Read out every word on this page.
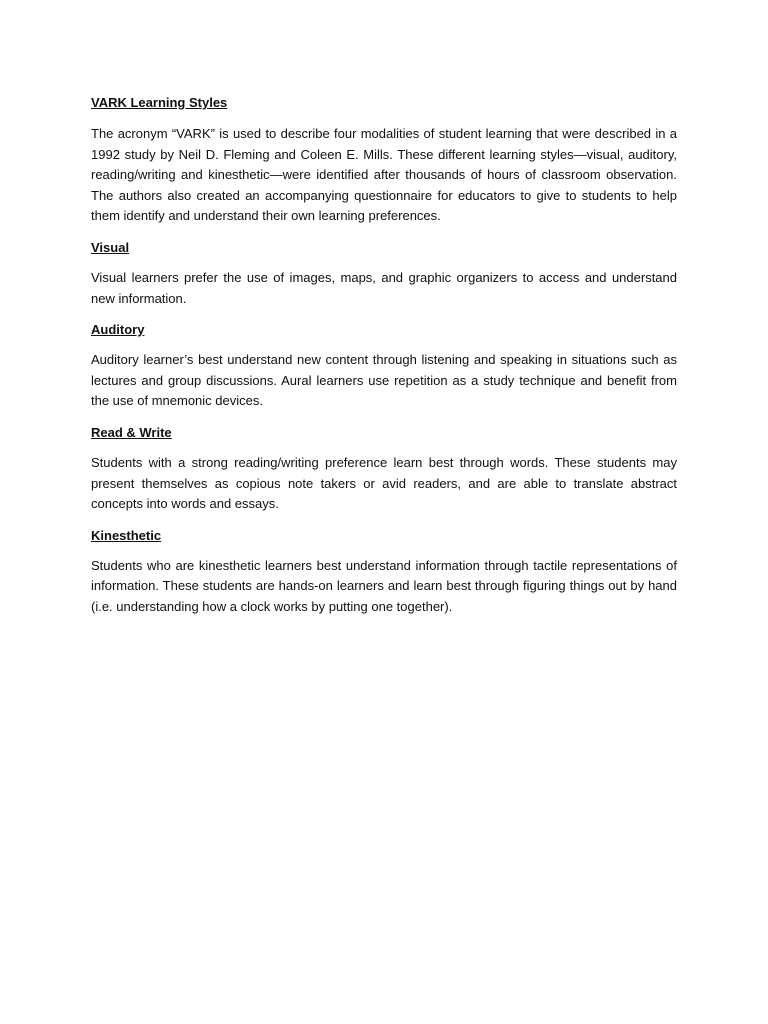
VARK Learning Styles

The acronym “VARK” is used to describe four modalities of student learning that were described in a 1992 study by Neil D. Fleming and Coleen E. Mills. These different learning styles—visual, auditory, reading/writing and kinesthetic—were identified after thousands of hours of classroom observation. The authors also created an accompanying questionnaire for educators to give to students to help them identify and understand their own learning preferences.

Visual

Visual learners prefer the use of images, maps, and graphic organizers to access and understand new information.

Auditory

Auditory learner’s best understand new content through listening and speaking in situations such as lectures and group discussions. Aural learners use repetition as a study technique and benefit from the use of mnemonic devices.

Read & Write

Students with a strong reading/writing preference learn best through words. These students may present themselves as copious note takers or avid readers, and are able to translate abstract concepts into words and essays.

Kinesthetic

Students who are kinesthetic learners best understand information through tactile representations of information. These students are hands-on learners and learn best through figuring things out by hand (i.e. understanding how a clock works by putting one together).
